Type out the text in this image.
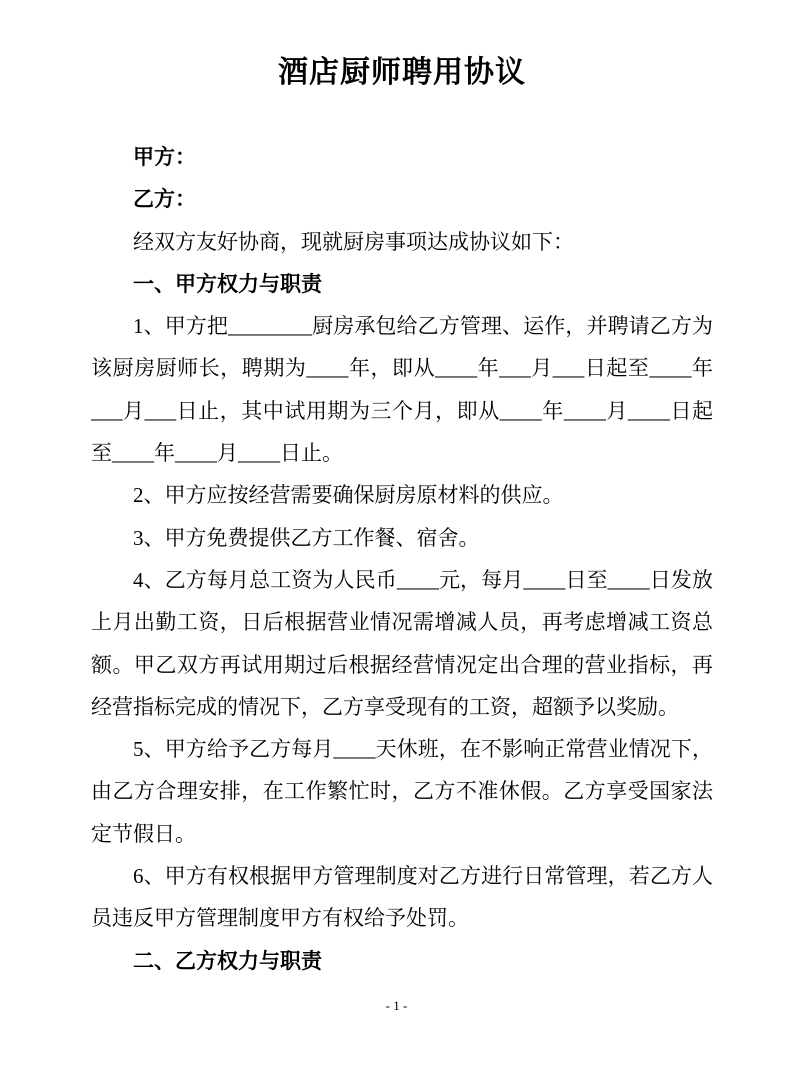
酒店厨师聘用协议
甲方：
乙方：
经双方友好协商，现就厨房事项达成协议如下：
一、甲方权力与职责
1、甲方把________厨房承包给乙方管理、运作，并聘请乙方为
该厨房厨师长，聘期为____年，即从____年___月___日起至____年
___月___日止，其中试用期为三个月，即从____年____月____日起
至____年____月____日止。
2、甲方应按经营需要确保厨房原材料的供应。
3、甲方免费提供乙方工作餐、宿舍。
4、乙方每月总工资为人民币____元，每月____日至____日发放
上月出勤工资，日后根据营业情况需增减人员，再考虑增减工资总
额。甲乙双方再试用期过后根据经营情况定出合理的营业指标，再
经营指标完成的情况下，乙方享受现有的工资，超额予以奖励。
5、甲方给予乙方每月____天休班，在不影响正常营业情况下，
由乙方合理安排，在工作繁忙时，乙方不准休假。乙方享受国家法
定节假日。
6、甲方有权根据甲方管理制度对乙方进行日常管理，若乙方人
员违反甲方管理制度甲方有权给予处罚。
二、乙方权力与职责
- 1 -
